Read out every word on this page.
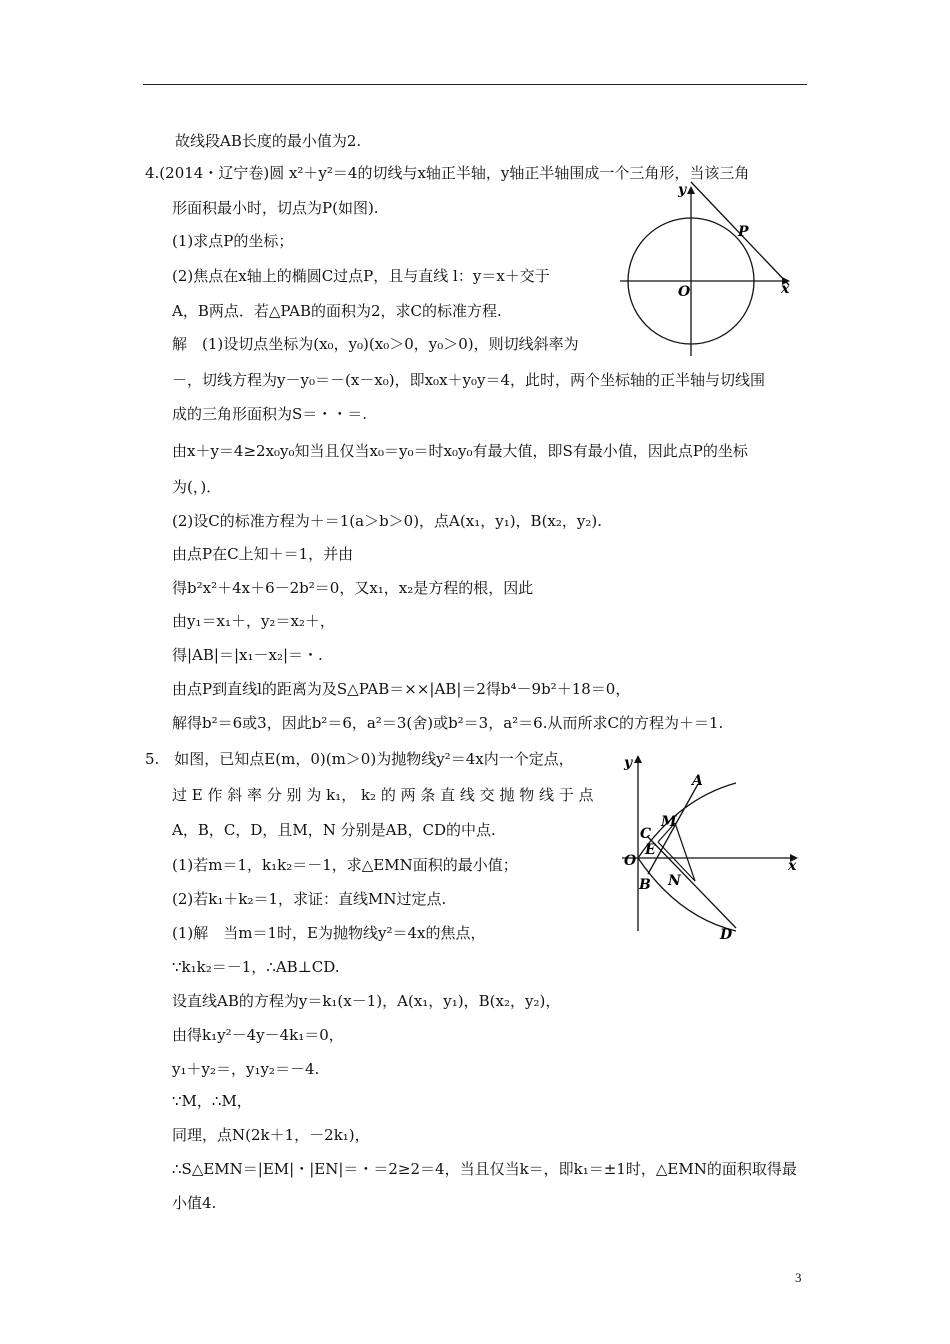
故线段AB长度的最小值为2.
4.(2014・辽宁卷)圆 x²＋y²＝4的切线与x轴正半轴，y轴正半轴围成一个三角形，当该三角
形面积最小时，切点为P(如图).
(1)求点P的坐标；
(2)焦点在x轴上的椭圆C过点P，且与直线 l：y＝x＋交于
A，B两点．若△PAB的面积为2，求C的标准方程.
解　(1)设切点坐标为(x₀，y₀)(x₀＞0，y₀＞0)，则切线斜率为
－，切线方程为y－y₀＝－(x－x₀)，即x₀x＋y₀y＝4，此时，两个坐标轴的正半轴与切线围
成的三角形面积为S＝・・＝.
由x＋y＝4≥2x₀y₀知当且仅当x₀＝y₀＝时x₀y₀有最大值，即S有最小值，因此点P的坐标
为(，)．
(2)设C的标准方程为＋＝1(a＞b＞0)，点A(x₁，y₁)，B(x₂，y₂).
由点P在C上知＋＝1，并由
得b²x²＋4x＋6－2b²＝0，又x₁，x₂是方程的根，因此
由y₁＝x₁＋，y₂＝x₂＋，
得|AB|＝|x₁－x₂|＝・.
由点P到直线l的距离为及S△PAB＝××|AB|＝2得b⁴－9b²＋18＝0，
解得b²＝6或3，因此b²＝6，a²＝3(舍)或b²＝3，a²＝6.从而所求C的方程为＋＝1.
5.　如图，已知点E(m，0)(m＞0)为抛物线y²＝4x内一个定点，
过 E 作 斜 率 分 别 为 k₁， k₂ 的 两 条 直 线 交 抛 物 线 于 点
A，B，C，D，且M，N 分别是AB，CD的中点.
(1)若m＝1，k₁k₂＝－1，求△EMN面积的最小值；
(2)若k₁＋k₂＝1，求证：直线MN过定点.
(1)解　当m＝1时，E为抛物线y²＝4x的焦点，
∵k₁k₂＝－1，∴AB⊥CD.
设直线AB的方程为y＝k₁(x－1)，A(x₁，y₁)，B(x₂，y₂)，
由得k₁y²－4y－4k₁＝0，
y₁＋y₂＝，y₁y₂＝－4.
∵M，∴M，
同理，点N(2k＋1，－2k₁)，
∴S△EMN＝|EM|・|EN|＝・＝2≥2＝4，当且仅当k＝，即k₁＝±1时，△EMN的面积取得最
小值4.
y
x
O
P
y
x
O
A
B
C
D
E
M
N
3
